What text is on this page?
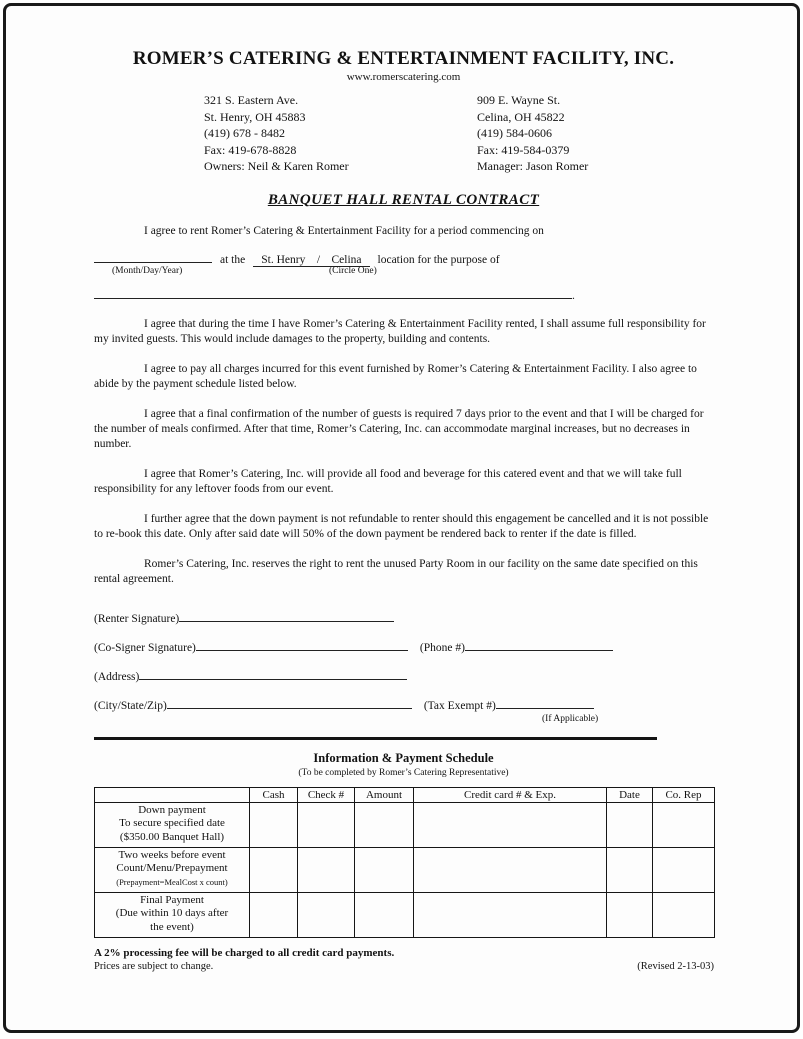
ROMER’S CATERING & ENTERTAINMENT FACILITY, INC.
www.romerscatering.com
321 S. Eastern Ave.
St. Henry, OH 45883
(419) 678 - 8482
Fax: 419-678-8828
Owners: Neil & Karen Romer
909 E. Wayne St.
Celina, OH 45822
(419) 584-0606
Fax: 419-584-0379
Manager: Jason Romer
BANQUET HALL RENTAL CONTRACT

I agree to rent Romer’s Catering & Entertainment Facility for a period commencing on

at the St. Henry    /    Celina location for the purpose of
(Month/Day/Year)	(Circle One)
.

I agree that during the time I have Romer’s Catering & Entertainment Facility rented, I shall assume full responsibility for my invited guests. This would include damages to the property, building and contents.

I agree to pay all charges incurred for this event furnished by Romer’s Catering & Entertainment Facility. I also agree to abide by the payment schedule listed below.

I agree that a final confirmation of the number of guests is required 7 days prior to the event and that I will be charged for the number of meals confirmed. After that time, Romer’s Catering, Inc. can accommodate marginal increases, but no decreases in number.

I agree that Romer’s Catering, Inc. will provide all food and beverage for this catered event and that we will take full responsibility for any leftover foods from our event.

I further agree that the down payment is not refundable to renter should this engagement be cancelled and it is not possible to re-book this date. Only after said date will 50% of the down payment be rendered back to renter if the date is filled.

Romer’s Catering, Inc. reserves the right to rent the unused Party Room in our facility on the same date specified on this rental agreement.

(Renter Signature)
(Co-Signer Signature)	(Phone #)
(Address)
(City/State/Zip)	(Tax Exempt #)
(If Applicable)
Information & Payment Schedule
(To be completed by Romer’s Catering Representative)
	Cash	Check #	Amount	Credit card # & Exp.	Date	Co. Rep

Down payment
To secure specified date
($350.00 Banquet Hall)						

Two weeks before event
Count/Menu/Prepayment
(Prepayment=MealCost x count)						

Final Payment
(Due within 10 days after
the event)						

A 2% processing fee will be charged to all credit card payments.
Prices are subject to change.	(Revised 2-13-03)
